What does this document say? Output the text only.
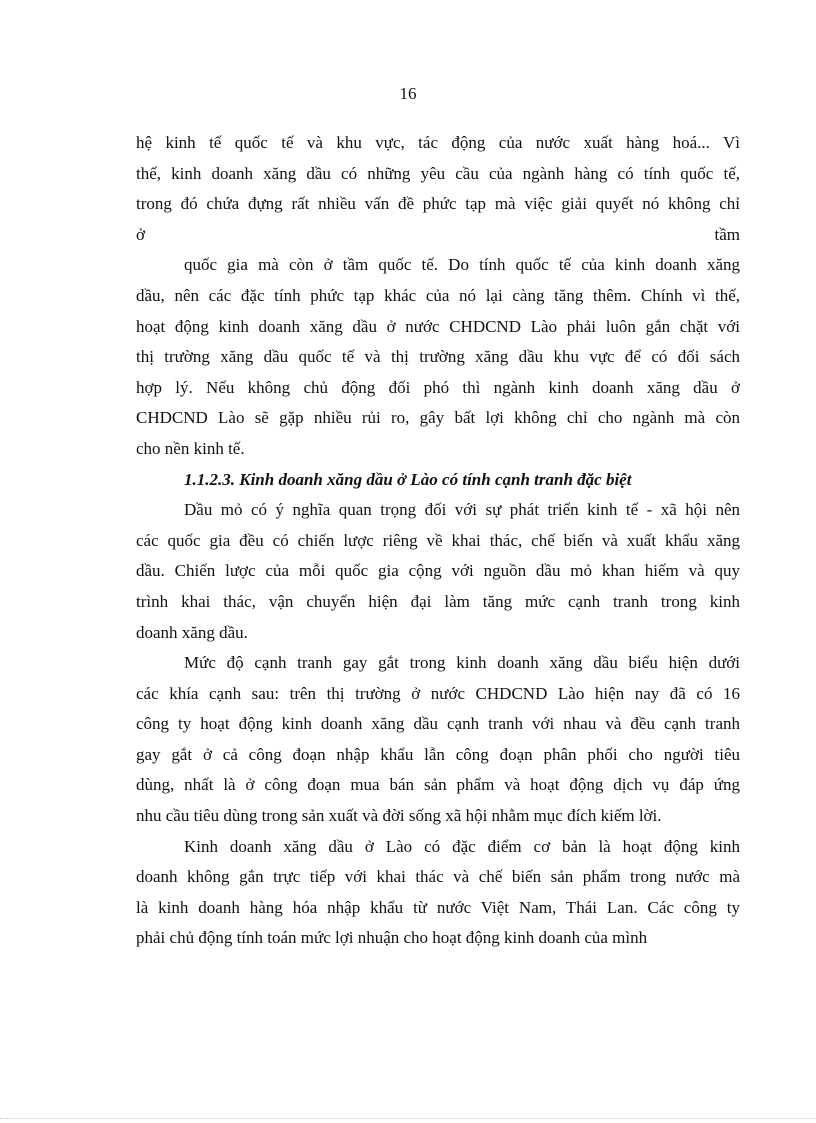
16
hệ kinh tế quốc tế và khu vực, tác động của nước xuất hàng hoá... Vì
thế, kinh doanh xăng dầu có những yêu cầu của ngành hàng có tính quốc tế,
trong đó chứa đựng rất nhiều vấn đề phức tạp mà việc giải quyết nó không chỉ
ở	tầm
quốc gia mà còn ở tầm quốc tế. Do tính quốc tế của kinh doanh xăng
dầu, nên các đặc tính phức tạp khác của nó lại càng tăng thêm. Chính vì thế,
hoạt động kinh doanh xăng dầu ở nước CHDCND Lào phải luôn gắn chặt với
thị trường xăng dầu quốc tế và thị trường xăng dầu khu vực để có đối sách
hợp lý. Nếu không chủ động đối phó thì ngành kinh doanh xăng dầu ở
CHDCND Lào sẽ gặp nhiều rủi ro, gây bất lợi không chỉ cho ngành mà còn
cho nền kinh tế.
1.1.2.3. Kinh doanh xăng dầu ở Lào có tính cạnh tranh đặc biệt
Dầu mỏ có ý nghĩa quan trọng đối với sự phát triển kinh tế - xã hội nên
các quốc gia đều có chiến lược riêng về khai thác, chế biến và xuất khẩu xăng
dầu. Chiến lược của mỗi quốc gia cộng với nguồn dầu mỏ khan hiếm và quy
trình khai thác, vận chuyển hiện đại làm tăng mức cạnh tranh trong kinh
doanh xăng dầu.
Mức độ cạnh tranh gay gắt trong kinh doanh xăng dầu biểu hiện dưới
các khía cạnh sau: trên thị trường ở nước CHDCND Lào hiện nay đã có 16
công ty hoạt động kinh doanh xăng dầu cạnh tranh với nhau và đều cạnh tranh
gay gắt ở cả công đoạn nhập khẩu lẫn công đoạn phân phối cho người tiêu
dùng, nhất là ở công đoạn mua bán sản phẩm và hoạt động dịch vụ đáp ứng
nhu cầu tiêu dùng trong sản xuất và đời sống xã hội nhằm mục đích kiếm lời.
Kinh doanh xăng dầu ở Lào có đặc điểm cơ bản là hoạt động kinh
doanh không gắn trực tiếp với khai thác và chế biến sản phẩm trong nước mà
là kinh doanh hàng hóa nhập khẩu từ nước Việt Nam, Thái Lan. Các công ty
phải chủ động tính toán mức lợi nhuận cho hoạt động kinh doanh của mình
